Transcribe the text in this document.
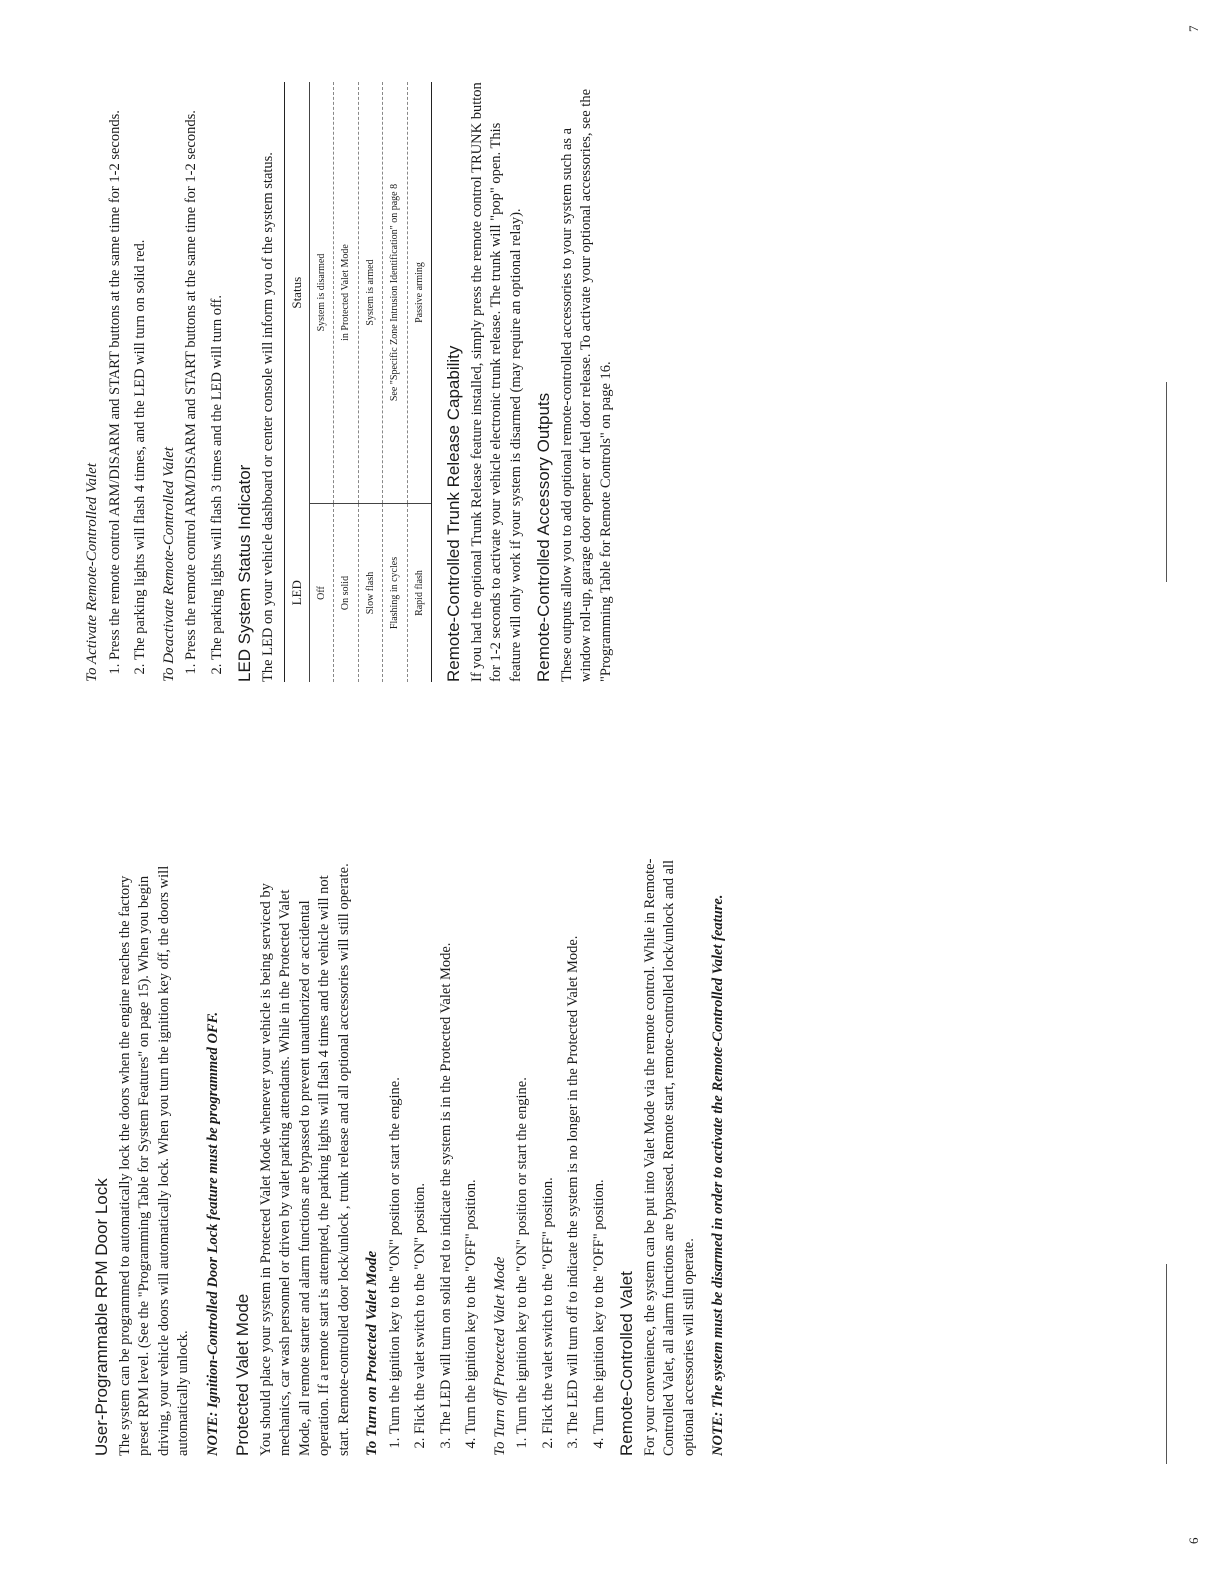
User-Programmable RPM Door Lock The system can be programmed to automatically lock the doors when the engine reaches the factory preset RPM level. (See the "Programming Table for System Features" on page 15). When you begin driving, your vehicle doors will automatically lock. When you turn the ignition key off, the doors will automatically unlock. NOTE: Ignition-Controlled Door Lock feature must be programmed OFF. Protected Valet Mode You should place your system in Protected Valet Mode whenever your vehicle is being serviced by mechanics, car wash personnel or driven by valet parking attendants. While in the Protected Valet Mode, all remote starter and alarm functions are bypassed to prevent unauthorized or accidental operation. If a remote start is attempted, the parking lights will flash 4 times and the vehicle will not start. Remote-controlled door lock/unlock , trunk release and all optional accessories will still operate. To Turn on Protected Valet Mode 1. Turn the ignition key to the "ON" position or start the engine. 2. Flick the valet switch to the "ON" position. 3. The LED will turn on solid red to indicate the system is in the Protected Valet Mode. 4. Turn the ignition key to the "OFF" position. To Turn off Protected Valet Mode 1. Turn the ignition key to the "ON" position or start the engine. 2. Flick the valet switch to the "OFF" position. 3. The LED will turn off to indicate the system is no longer in the Protected Valet Mode. 4. Turn the ignition key to the "OFF" position. Remote-Controlled Valet For your convenience, the system can be put into Valet Mode via the remote control. While in Remote-Controlled Valet, all alarm functions are bypassed. Remote start, remote-controlled lock/unlock and all optional accessories will still operate. NOTE: The system must be disarmed in order to activate the Remote-Controlled Valet feature.

6
To Activate Remote-Controlled Valet 1. Press the remote control ARM/DISARM and START buttons at the same time for 1-2 seconds. 2. The parking lights will flash 4 times, and the LED will turn on solid red. To Deactivate Remote-Controlled Valet 1. Press the remote control ARM/DISARM and START buttons at the same time for 1-2 seconds. 2. The parking lights will flash 3 times and the LED will turn off. LED System Status Indicator The LED on your vehicle dashboard or center console will inform you of the system status. LED	Status
Off	System is disarmed
On solid	in Protected Valet Mode
Slow flash	System is armed
Flashing in cycles	See "Specific Zone Intrusion Identification" on page 8
Rapid flash	Passive arming
Remote-Controlled Trunk Release Capability If you had the optional Trunk Release feature installed, simply press the remote control TRUNK button for 1-2 seconds to activate your vehicle electronic trunk release. The trunk will "pop" open. This feature will only work if your system is disarmed (may require an optional relay). Remote-Controlled Accessory Outputs These outputs allow you to add optional remote-controlled accessories to your system such as a window roll-up, garage door opener or fuel door release. To activate your optional accessories, see the "Programming Table for Remote Controls" on page 16.

7
